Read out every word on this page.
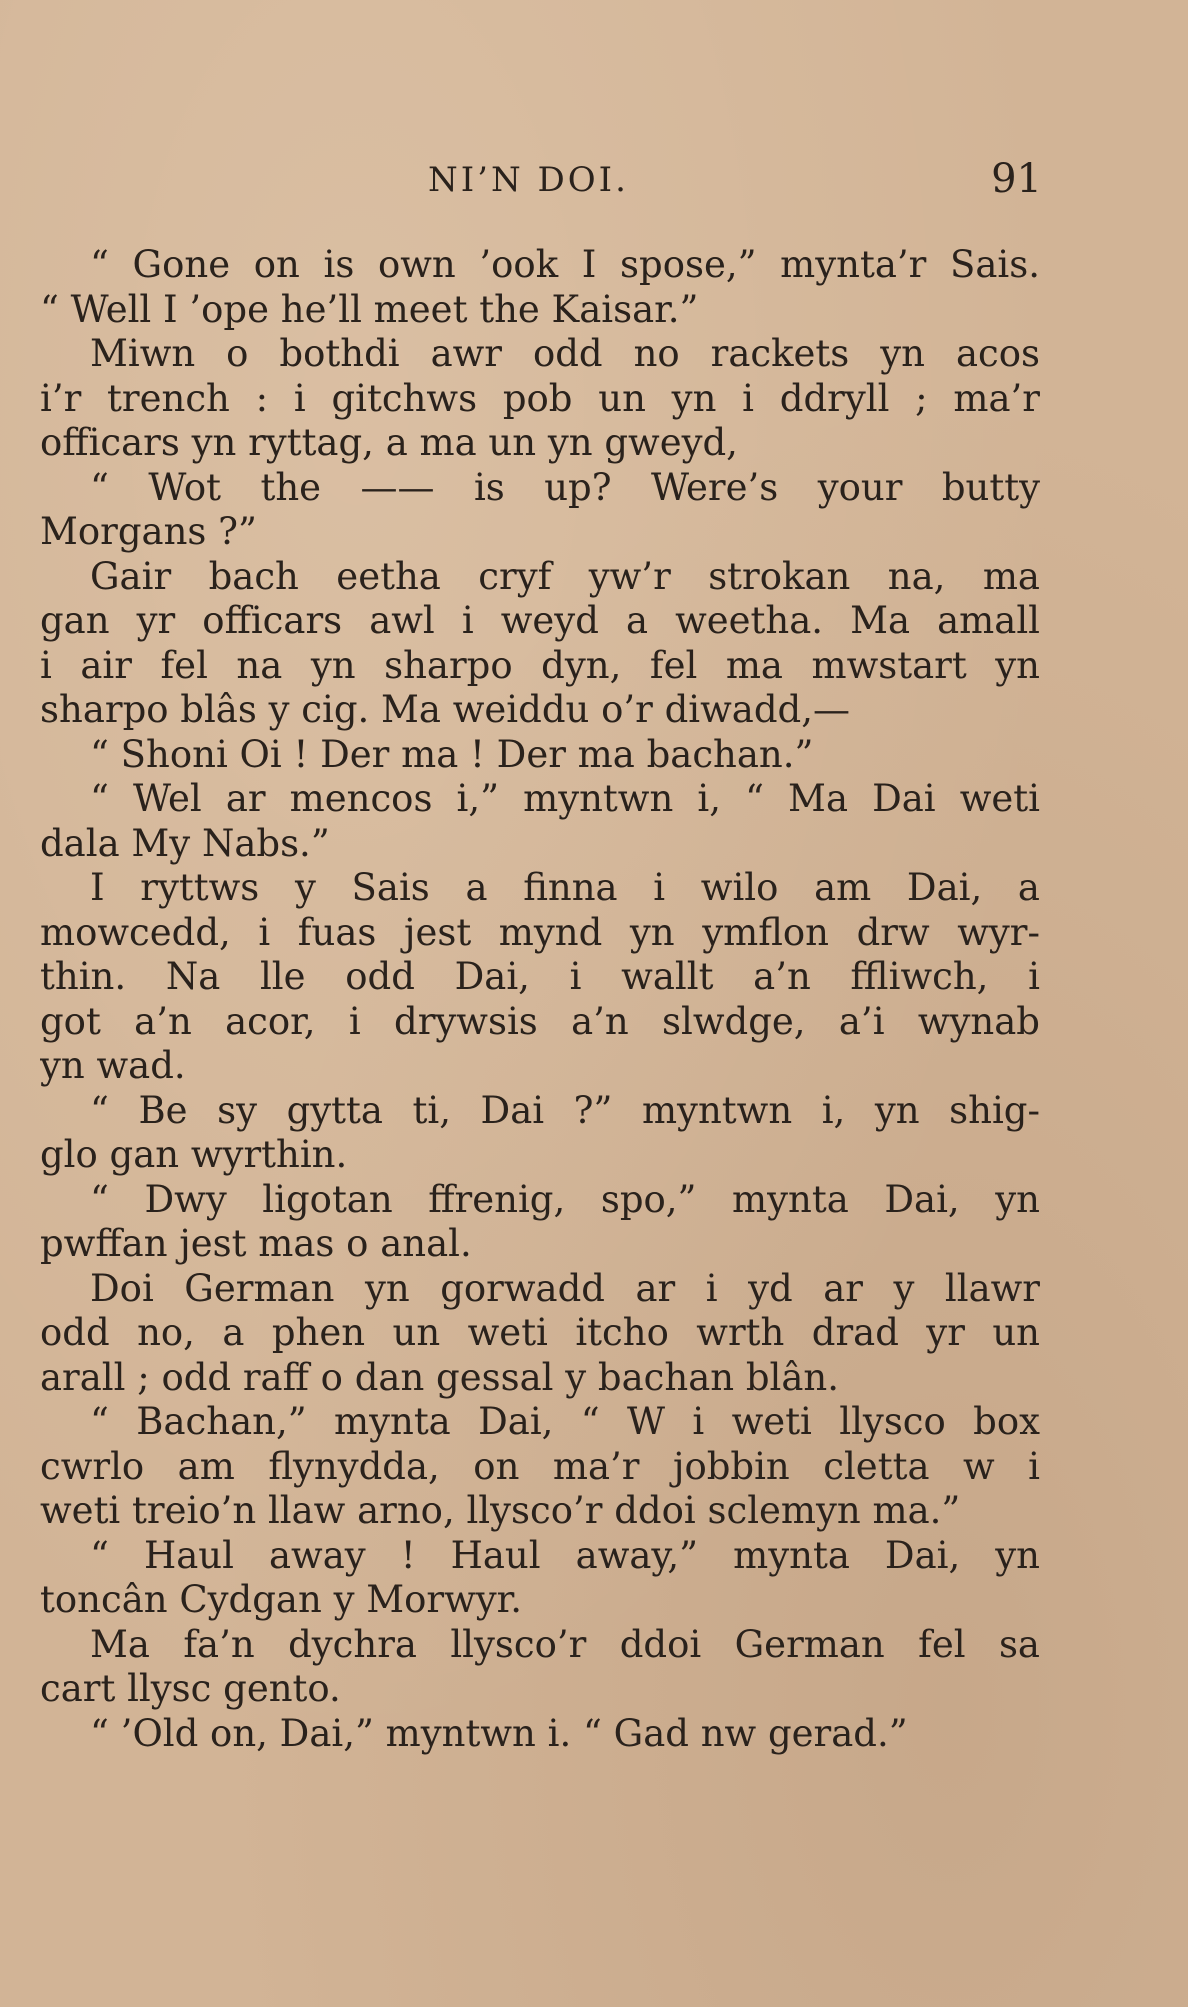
NI’N DOI.	91
“ Gone on is own ’ook I spose,” mynta’r Sais.
“ Well I ’ope he’ll meet the Kaisar.”
Miwn o bothdi awr odd no rackets yn acos
i’r trench : i gitchws pob un yn i ddryll ; ma’r
officars yn ryttag, a ma un yn gweyd,
“ Wot the —— is up? Were’s your butty
Morgans ?”
Gair bach eetha cryf yw’r strokan na, ma
gan yr officars awl i weyd a weetha. Ma amall
i air fel na yn sharpo dyn, fel ma mwstart yn
sharpo blâs y cig. Ma weiddu o’r diwadd,—
“ Shoni Oi ! Der ma ! Der ma bachan.”
“ Wel ar mencos i,” myntwn i, “ Ma Dai weti
dala My Nabs.”
I ryttws y Sais a finna i wilo am Dai, a
mowcedd, i fuas jest mynd yn ymflon drw wyr-
thin. Na lle odd Dai, i wallt a’n ffliwch, i
got a’n acor, i drywsis a’n slwdge, a’i wynab
yn wad.
“ Be sy gytta ti, Dai ?” myntwn i, yn shig-
glo gan wyrthin.
“ Dwy ligotan ffrenig, spo,” mynta Dai, yn
pwffan jest mas o anal.
Doi German yn gorwadd ar i yd ar y llawr
odd no, a phen un weti itcho wrth drad yr un
arall ; odd raff o dan gessal y bachan blân.
“ Bachan,” mynta Dai, “ W i weti llysco box
cwrlo am flynydda, on ma’r jobbin cletta w i
weti treio’n llaw arno, llysco’r ddoi sclemyn ma.”
“ Haul away ! Haul away,” mynta Dai, yn
toncân Cydgan y Morwyr.
Ma fa’n dychra llysco’r ddoi German fel sa
cart llysc gento.
“ ’Old on, Dai,” myntwn i. “ Gad nw gerad.”
